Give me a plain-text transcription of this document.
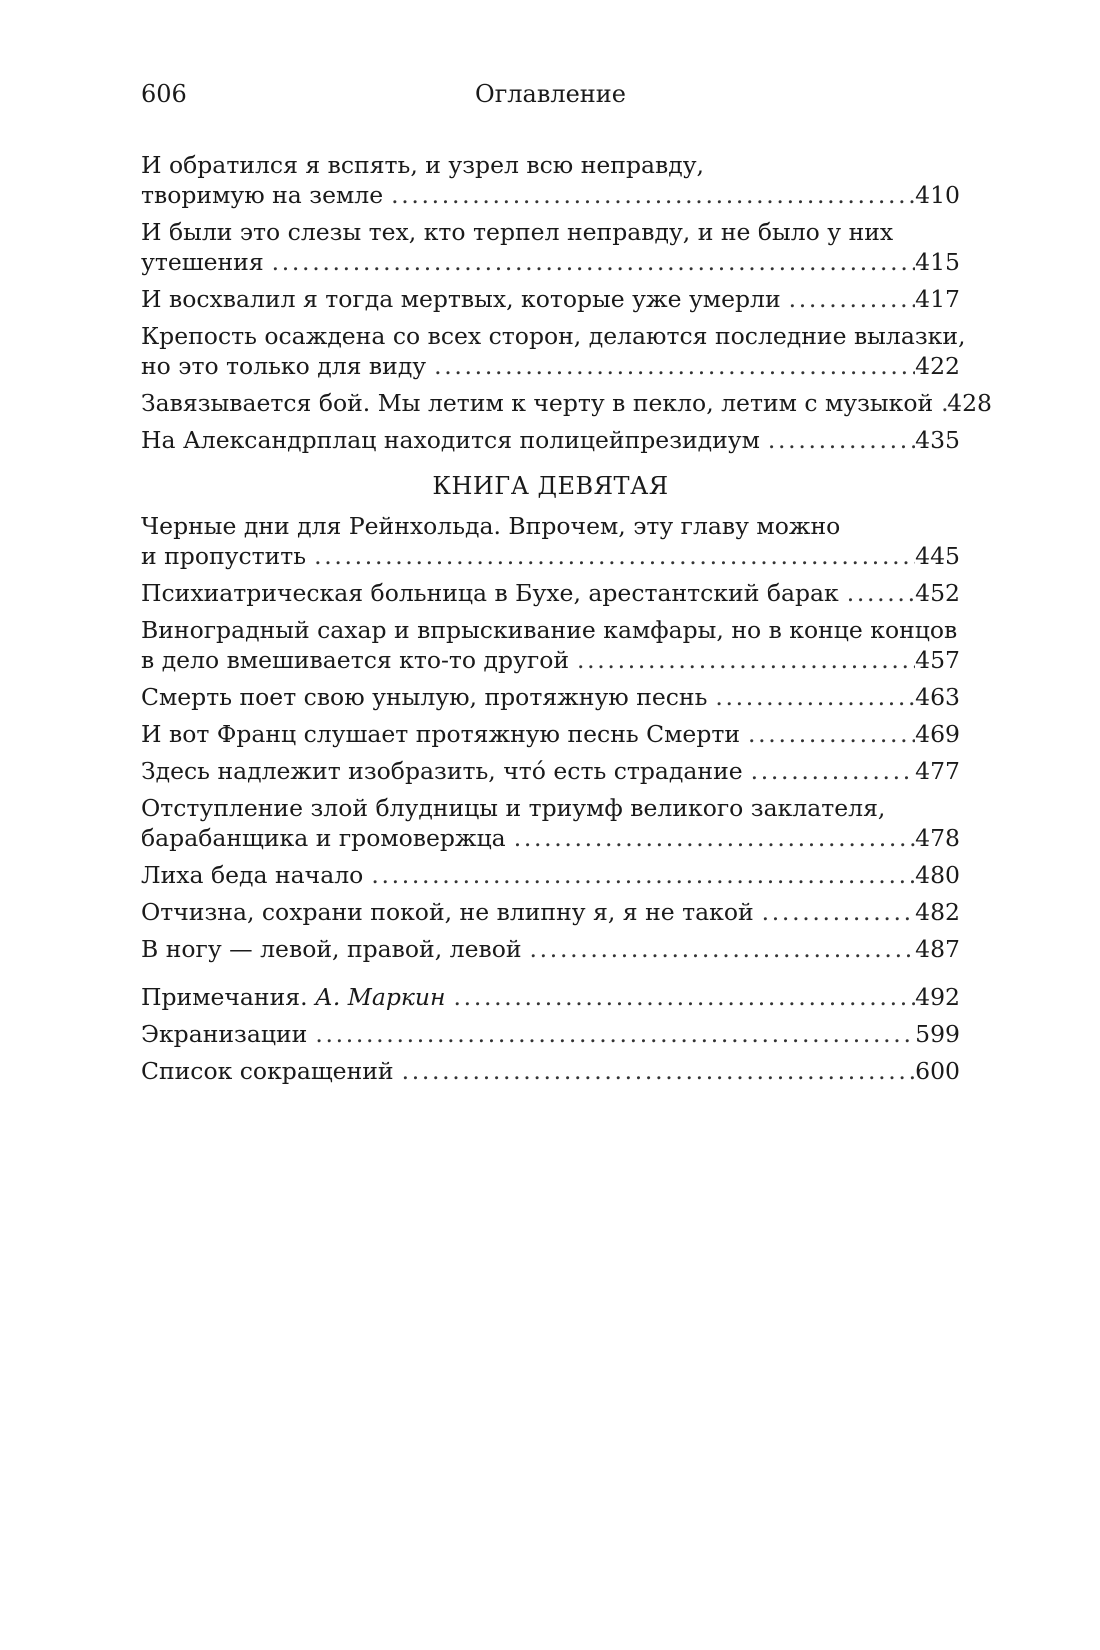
606	Оглавление
И обратился я вспять, и узрел всю неправду,
творимую на земле . . .	410
И были это слезы тех, кто терпел неправду, и не было у них
утешения . . .	415
И восхвалил я тогда мертвых, которые уже умерли . . .	417
Крепость осаждена со всех сторон, делаются последние вылазки,
но это только для виду . . .	422
Завязывается бой. Мы летим к черту в пекло, летим с музыкой . . . 428
На Александрплац находится полицейпрезидиум . . .	435
КНИГА ДЕВЯТАЯ
Черные дни для Рейнхольда. Впрочем, эту главу можно
и пропустить . . .	445
Психиатрическая больница в Бухе, арестантский барак . . .	452
Виноградный сахар и впрыскивание камфары, но в конце концов
в дело вмешивается кто-то другой . . .	457
Смерть поет свою унылую, протяжную песнь . . .	463
И вот Франц слушает протяжную песнь Смерти . . .	469
Здесь надлежит изобразить, чтó есть страдание . . .	477
Отступление злой блудницы и триумф великого заклателя,
барабанщика и громовержца . . .	478
Лиха беда начало . . .	480
Отчизна, сохрани покой, не влипну я, я не такой . . .	482
В ногу — левой, правой, левой . . .	487
Примечания. А. Маркин . . .	492
Экранизации . . .	599
Список сокращений . . .	600
